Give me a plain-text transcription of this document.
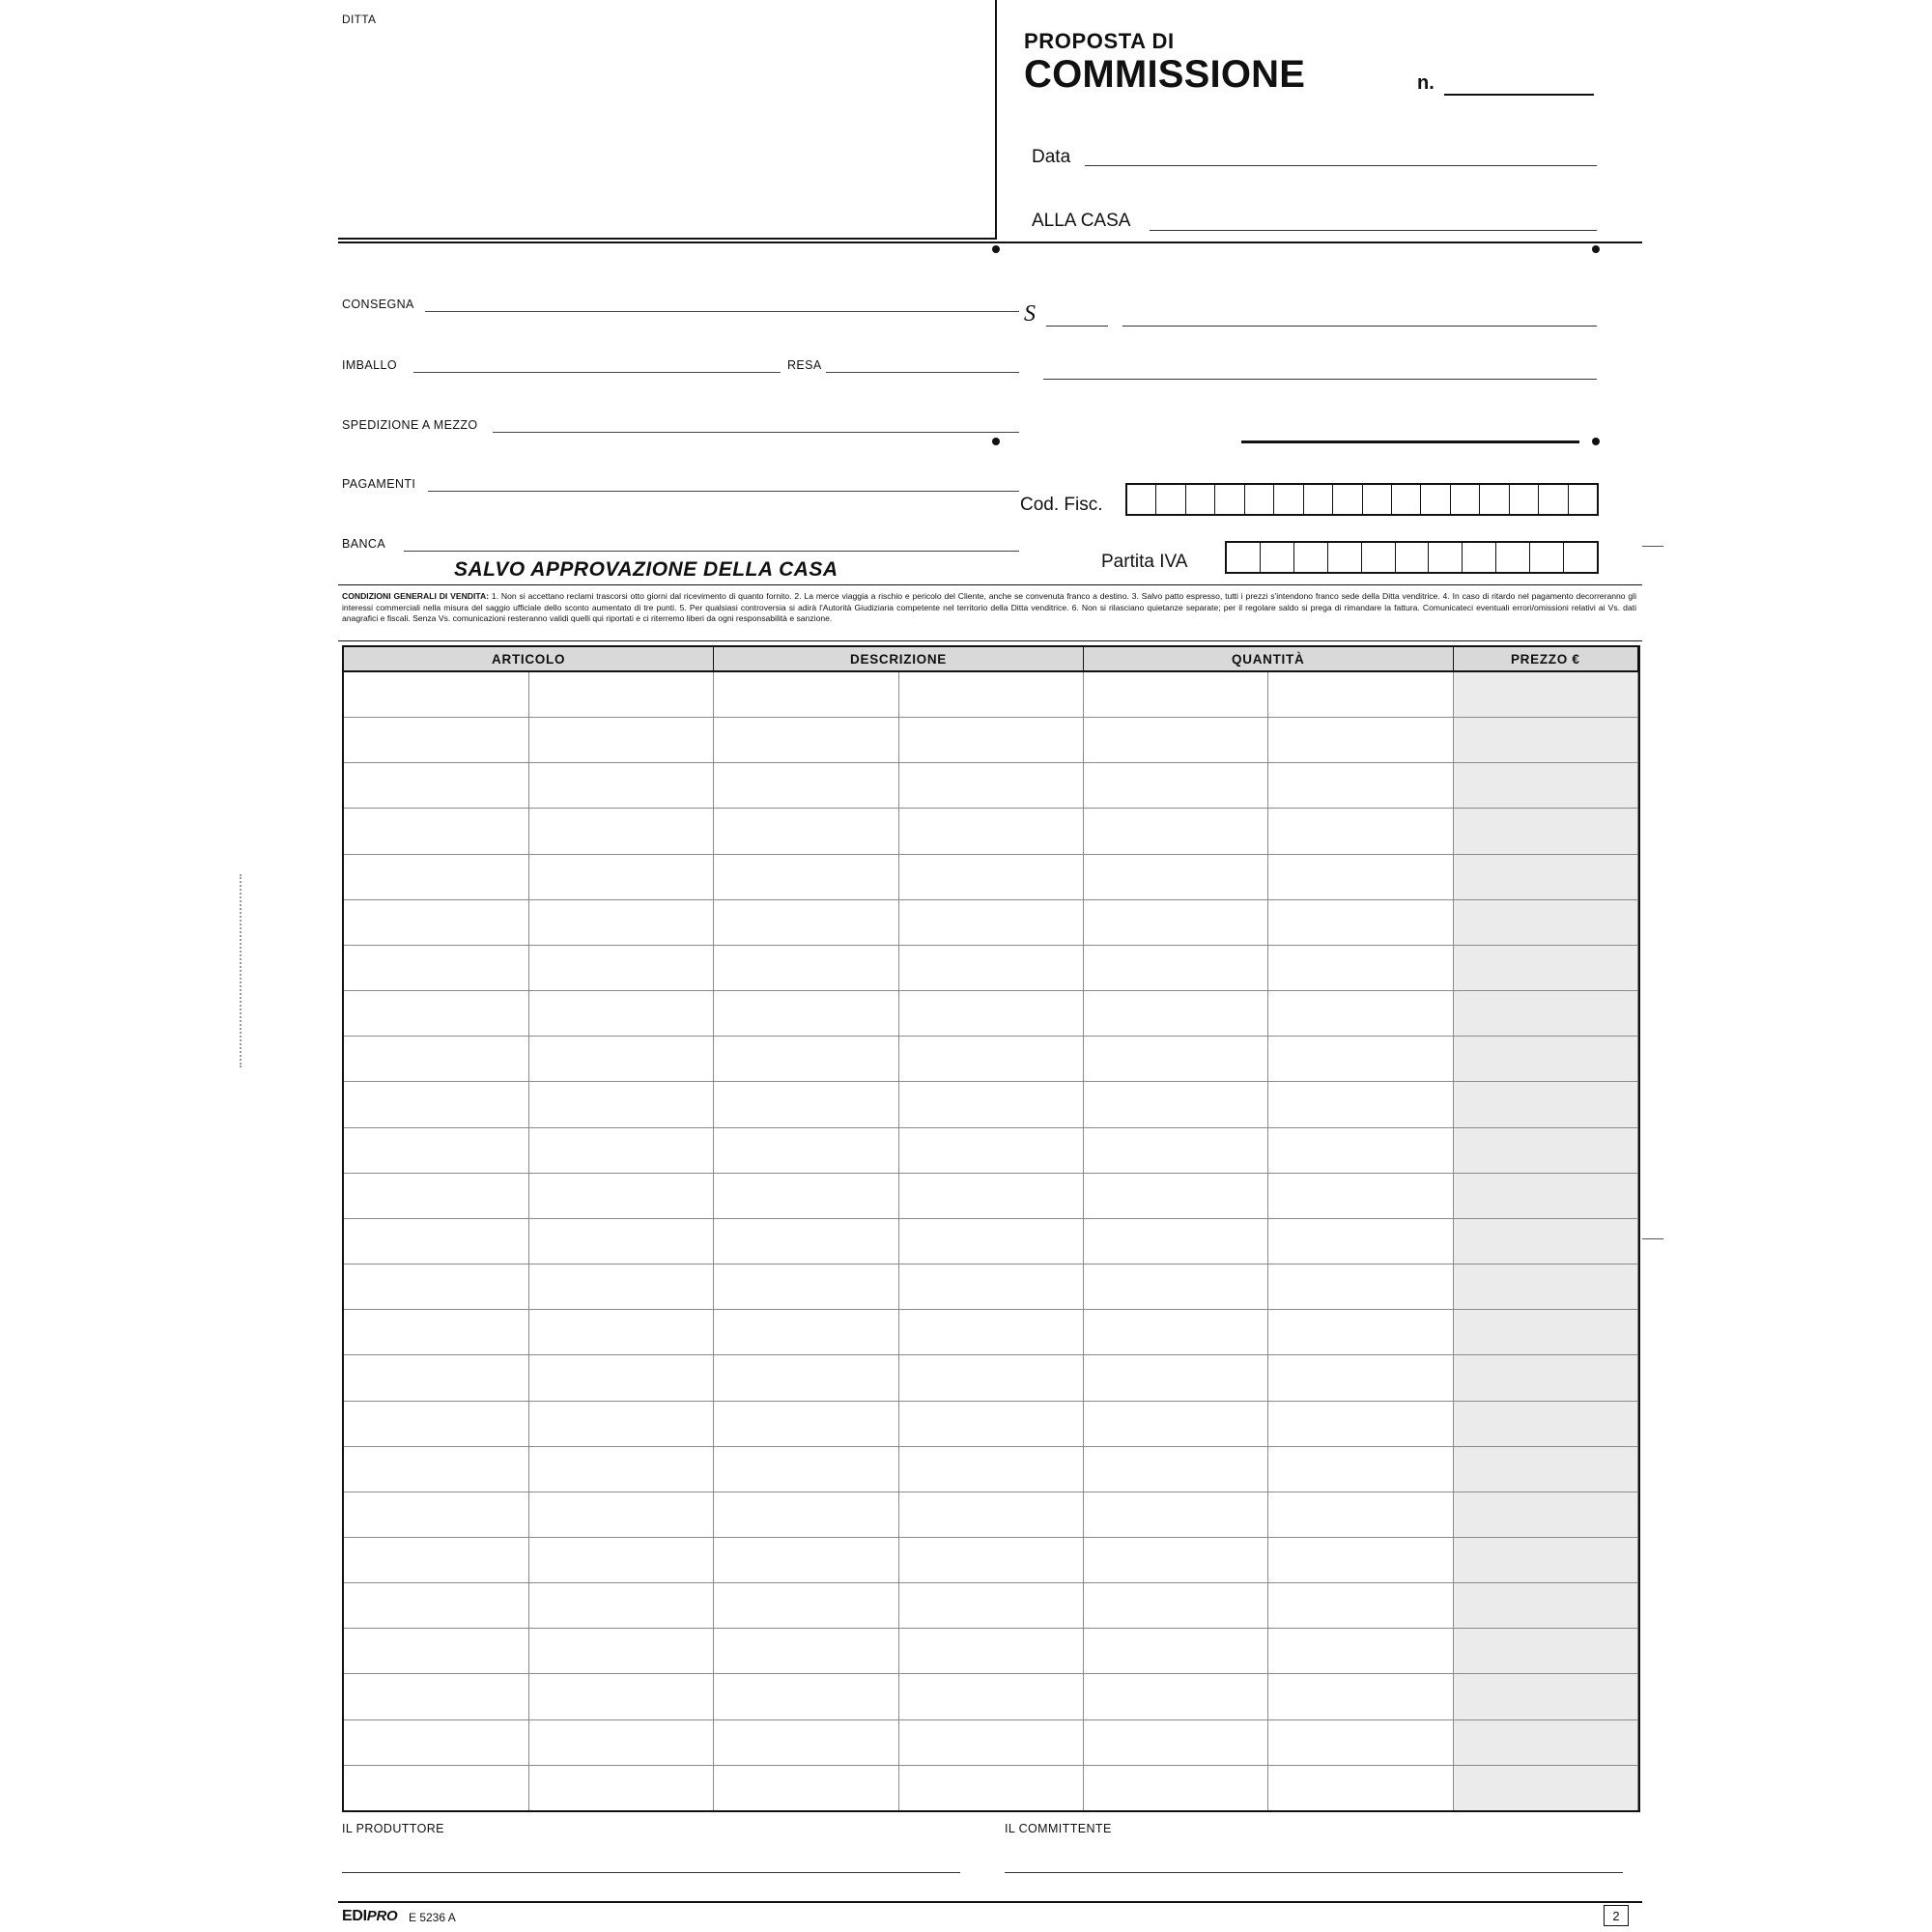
DITTA
PROPOSTA DI
COMMISSIONE	n.
Data
ALLA CASA
CONSEGNA
IMBALLO	RESA
SPEDIZIONE A MEZZO
PAGAMENTI
BANCA
SALVO APPROVAZIONE DELLA CASA
S
Cod. Fisc.
Partita IVA
CONDIZIONI GENERALI DI VENDITA: 1. Non si accettano reclami trascorsi otto giorni dal ricevimento di quanto fornito. 2. La merce viaggia a rischio e pericolo del Cliente, anche se convenuta franco a destino. 3. Salvo patto espresso, tutti i prezzi s'intendono franco sede della Ditta venditrice. 4. In caso di ritardo nel pagamento decorreranno gli interessi commerciali nella misura del saggio ufficiale dello sconto aumentato di tre punti. 5. Per qualsiasi controversia si adirà l'Autorità Giudiziaria competente nel territorio della Ditta venditrice. 6. Non si rilasciano quietanze separate; per il regolare saldo si prega di rimandare la fattura. Comunicateci eventuali errori/omissioni relativi ai Vs. dati anagrafici e fiscali. Senza Vs. comunicazioni resteranno validi quelli qui riportati e ci riterremo liberi da ogni responsabilità e sanzione.
ARTICOLO		DESCRIZIONE		QUANTITÀ		PREZZO €

IL PRODUTTORE	IL COMMITTENTE
EDIPRO E 5236 A	2
